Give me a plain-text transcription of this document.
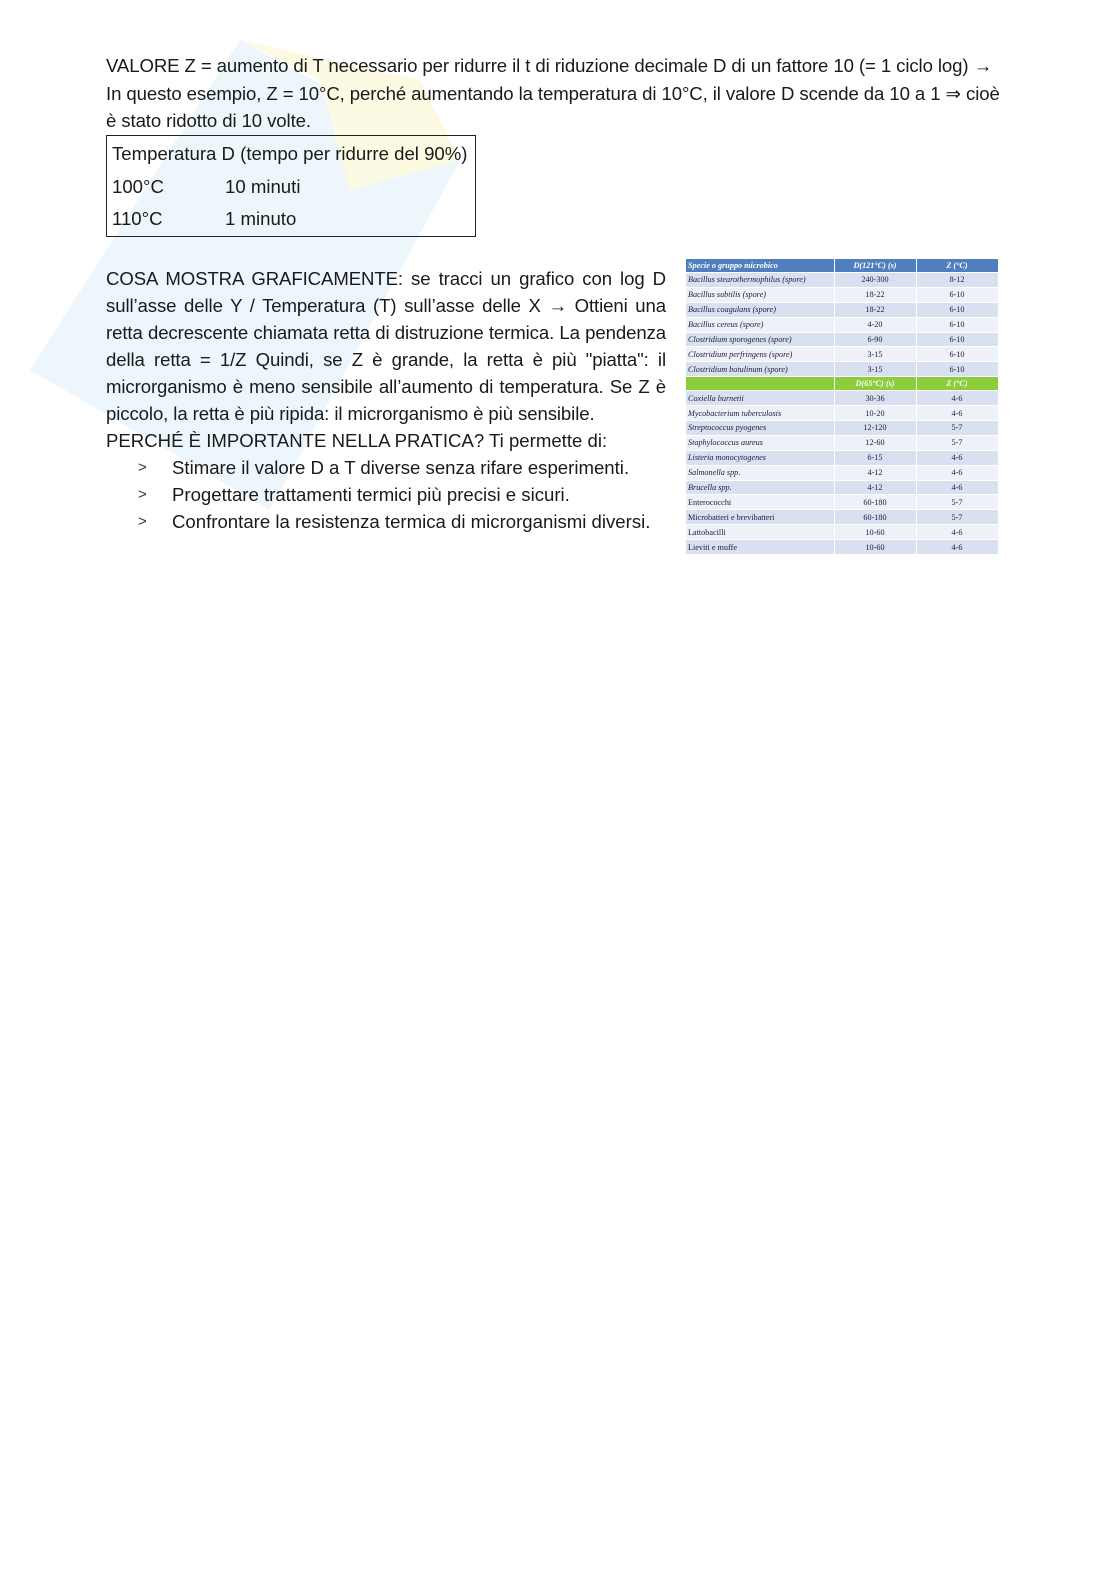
VALORE Z = aumento di T necessario per ridurre il t di riduzione decimale D di un fattore 10 (= 1 ciclo log) → In questo esempio, Z = 10°C, perché aumentando la temperatura di 10°C, il valore D scende da 10 a 1 ⇒ cioè è stato ridotto di 10 volte.
Temperatura D (tempo per ridurre del 90%)
100°C	10 minuti
110°C	1 minuto

COSA MOSTRA GRAFICAMENTE: se tracci un grafico con log D sull’asse delle Y / Temperatura (T) sull’asse delle X → Ottieni una retta decrescente chiamata retta di distruzione termica. La pendenza della retta = 1/Z Quindi, se Z è grande, la retta è più "piatta": il microrganismo è meno sensibile all’aumento di temperatura. Se Z è piccolo, la retta è più ripida: il microrganismo è più sensibile.

PERCHÉ È IMPORTANTE NELLA PRATICA? Ti permette di:
> Stimare il valore D a T diverse senza rifare esperimenti.
> Progettare trattamenti termici più precisi e sicuri.
> Confrontare la resistenza termica di microrganismi diversi.
Specie o gruppo microbico	D(121°C) (s)	Z (°C)
Bacillus stearothermophilus (spore)	240-300	8-12
Bacillus subtilis (spore)	18-22	6-10
Bacillus coagulans (spore)	18-22	6-10
Bacillus cereus (spore)	4-20	6-10
Clostridium sporogenes (spore)	6-90	6-10
Clostridium perfringens (spore)	3-15	6-10
Clostridium botulinum (spore)	3-15	6-10
	D(65°C) (s)	Z (°C)
Coxiella burnetii	30-36	4-6
Mycobacterium tuberculosis	10-20	4-6
Streptococcus pyogenes	12-120	5-7
Staphylococcus aureus	12-60	5-7
Listeria monocytogenes	6-15	4-6
Salmonella spp.	4-12	4-6
Brucella spp.	4-12	4-6
Enterococchi	60-180	5-7
Microbatteri e brevibatteri	60-180	5-7
Lattobacilli	10-60	4-6
Lieviti e muffe	10-60	4-6
